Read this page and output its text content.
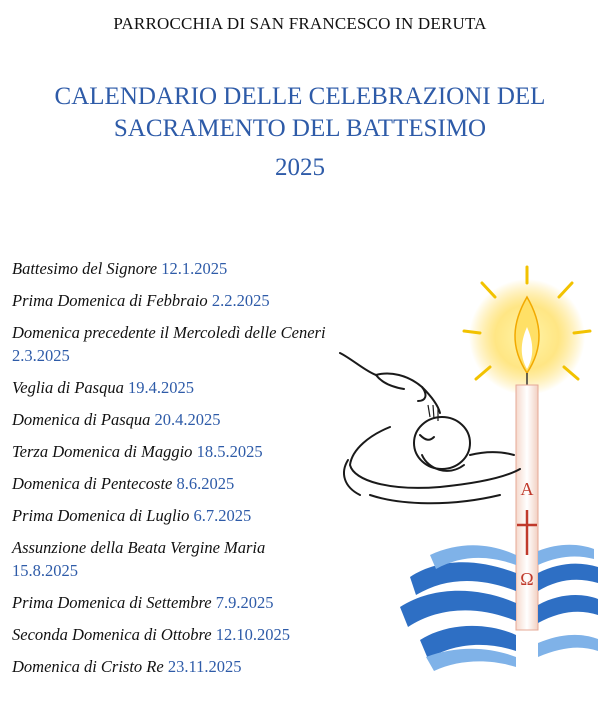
PARROCCHIA DI SAN FRANCESCO IN DERUTA
CALENDARIO DELLE CELEBRAZIONI DEL
SACRAMENTO DEL BATTESIMO
2025
Battesimo del Signore 12.1.2025
Prima Domenica di Febbraio 2.2.2025
Domenica precedente il Mercoledì delle Ceneri 2.3.2025
Veglia di Pasqua 19.4.2025
Domenica di Pasqua 20.4.2025
Terza Domenica di Maggio 18.5.2025
Domenica di Pentecoste 8.6.2025
Prima Domenica di Luglio 6.7.2025
Assunzione della Beata Vergine Maria 15.8.2025
Prima Domenica di Settembre 7.9.2025
Seconda Domenica di Ottobre 12.10.2025
Domenica di Cristo Re 23.11.2025
A
Ω
